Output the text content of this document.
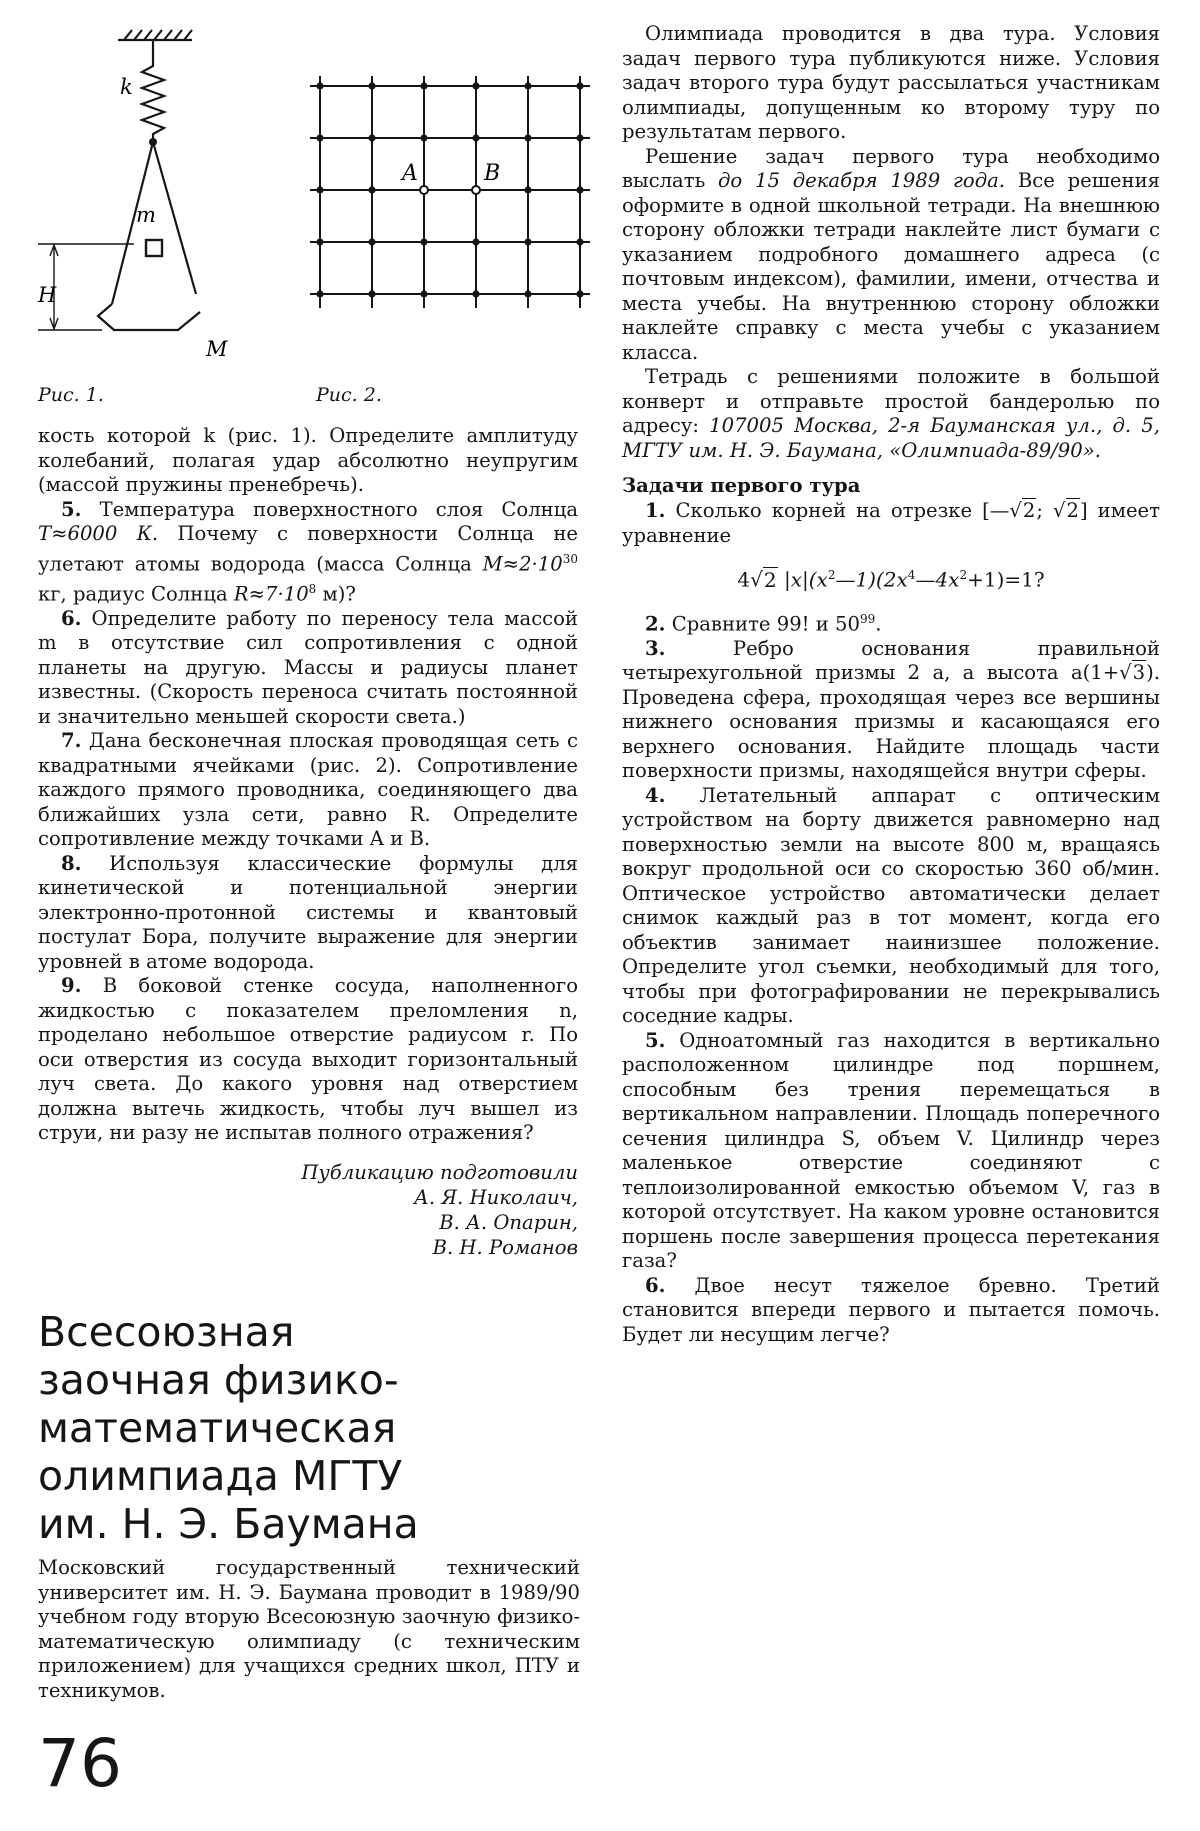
k
m
H
M
A	B
Рис. 1.	Рис. 2.

кость которой k (рис. 1). Определите амплитуду колебаний, полагая удар абсолютно неупругим (массой пружины пренебречь).

5. Температура поверхностного слоя Солнца T≈6000 К. Почему с поверхности Солнца не улетают атомы водорода (масса Солнца $M\approx 2\cdot 10^{30}$ кг, радиус Солнца $R\approx 7\cdot 10^8$ м)?

6. Определите работу по переносу тела массой m в отсутствие сил сопротивления с одной планеты на другую. Массы и радиусы планет известны. (Скорость переноса считать постоянной и значительно меньшей скорости света.)

7. Дана бесконечная плоская проводящая сеть с квадратными ячейками (рис. 2). Сопротивление каждого прямого проводника, соединяющего два ближайших узла сети, равно R. Определите сопротивление между точками A и B.

8. Используя классические формулы для кинетической и потенциальной энергии электронно-протонной системы и квантовый постулат Бора, получите выражение для энергии уровней в атоме водорода.

9. В боковой стенке сосуда, наполненного жидкостью с показателем преломления n, проделано небольшое отверстие радиусом r. По оси отверстия из сосуда выходит горизонтальный луч света. До какого уровня над отверстием должна вытечь жидкость, чтобы луч вышел из струи, ни разу не испытав полного отражения?

Публикацию подготовили
А. Я. Николаич,
В. А. Опарин,
В. Н. Романов
Всесоюзная
заочная физико-
математическая
олимпиада МГТУ
им. Н. Э. Баумана

Московский государственный технический университет им. Н. Э. Баумана проводит в 1989/90 учебном году вторую Всесоюзную заочную физико-математическую олимпиаду (с техническим приложением) для учащихся средних школ, ПТУ и техникумов.

Олимпиада проводится в два тура. Условия задач первого тура публикуются ниже. Условия задач второго тура будут рассылаться участникам олимпиады, допущенным ко второму туру по результатам первого.

Решение задач первого тура необходимо выслать до 15 декабря 1989 года. Все решения оформите в одной школьной тетради. На внешнюю сторону обложки тетради наклейте лист бумаги с указанием подробного домашнего адреса (с почтовым индексом), фамилии, имени, отчества и места учебы. На внутреннюю сторону обложки наклейте справку с места учебы с указанием класса.

Тетрадь с решениями положите в большой конверт и отправьте простой бандеролью по адресу: 107005 Москва, 2-я Бауманская ул., д. 5, МГТУ им. Н. Э. Баумана, «Олимпиада-89/90».

Задачи первого тура

1. Сколько корней на отрезке [—√2; √2] имеет уравнение

4√2 $|x|(x^2—1)(2x^4—4x^2+1)=1$?

2. Сравните 99! и $50^{99}$.

3. Ребро основания правильной четырехугольной призмы 2 a, а высота a(1+√3). Проведена сфера, проходящая через все вершины нижнего основания призмы и касающаяся его верхнего основания. Найдите площадь части поверхности призмы, находящейся внутри сферы.

4. Летательный аппарат с оптическим устройством на борту движется равномерно над поверхностью земли на высоте 800 м, вращаясь вокруг продольной оси со скоростью 360 об/мин. Оптическое устройство автоматически делает снимок каждый раз в тот момент, когда его объектив занимает наинизшее положение. Определите угол съемки, необходимый для того, чтобы при фотографировании не перекрывались соседние кадры.

5. Одноатомный газ находится в вертикально расположенном цилиндре под поршнем, способным без трения перемещаться в вертикальном направлении. Площадь поперечного сечения цилиндра S, объем V. Цилиндр через маленькое отверстие соединяют с теплоизолированной емкостью объемом V, газ в которой отсутствует. На каком уровне остановится поршень после завершения процесса перетекания газа?

6. Двое несут тяжелое бревно. Третий становится впереди первого и пытается помочь. Будет ли несущим легче?

76
